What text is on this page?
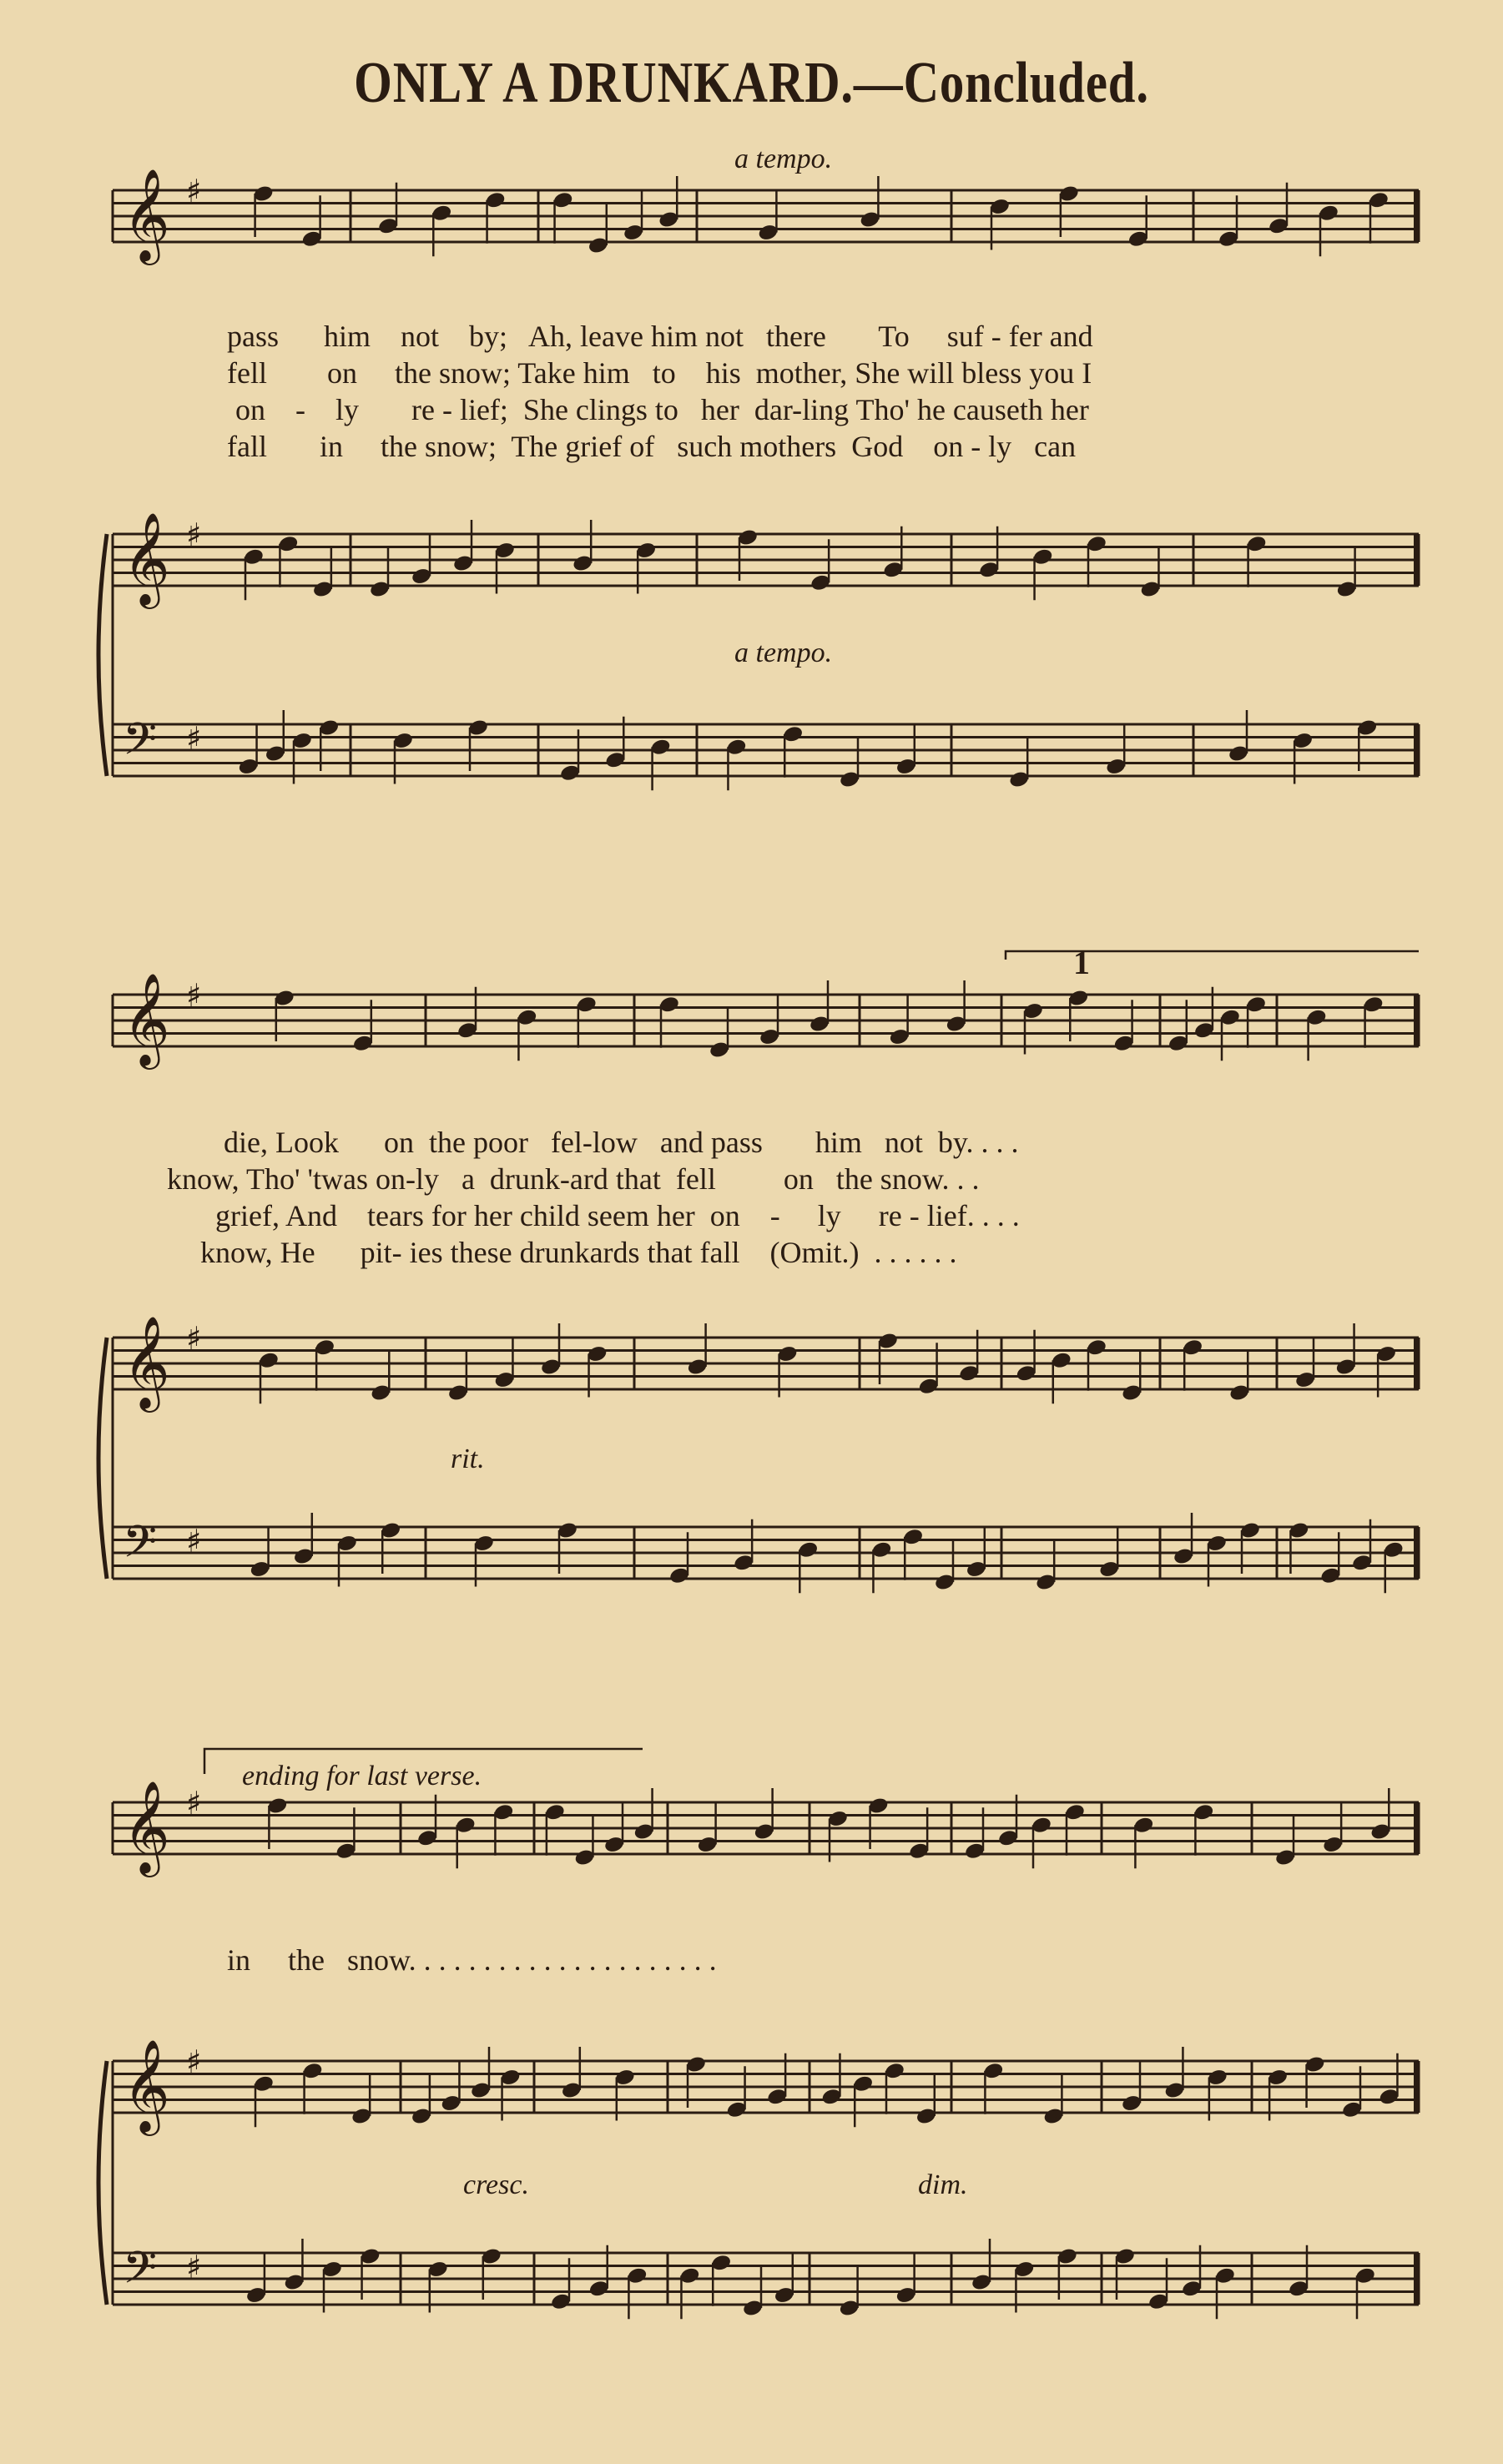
ONLY A DRUNKARD.—Concluded.
𝄞 ♯
𝄞 ♯
𝄢 ♯
𝄞 ♯
𝄞 ♯
𝄢 ♯
𝄞 ♯
𝄞 ♯
𝄢 ♯
a tempo.
pass      him    not    by;   Ah, leave him not   there       To     suf - fer and
fell        on     the snow; Take him   to    his  mother, She will bless you I
on    -    ly       re - lief;  She clings to   her  dar-ling Tho' he causeth her
fall       in     the snow;  The grief of   such mothers  God    on - ly   can
a tempo.
die, Look      on  the poor   fel-low   and pass       him   not  by. . . .
know, Tho' 'twas on-ly   a  drunk-ard that  fell         on   the snow. . .
grief, And    tears for her child seem her  on    -     ly     re - lief. . . .
know, He      pit- ies these drunkards that fall    (Omit.)  . . . . . .
rit.
1
ending for last verse.
in     the   snow. . . . . . . . . . . . . . . . . . . . .
cresc.	dim.
